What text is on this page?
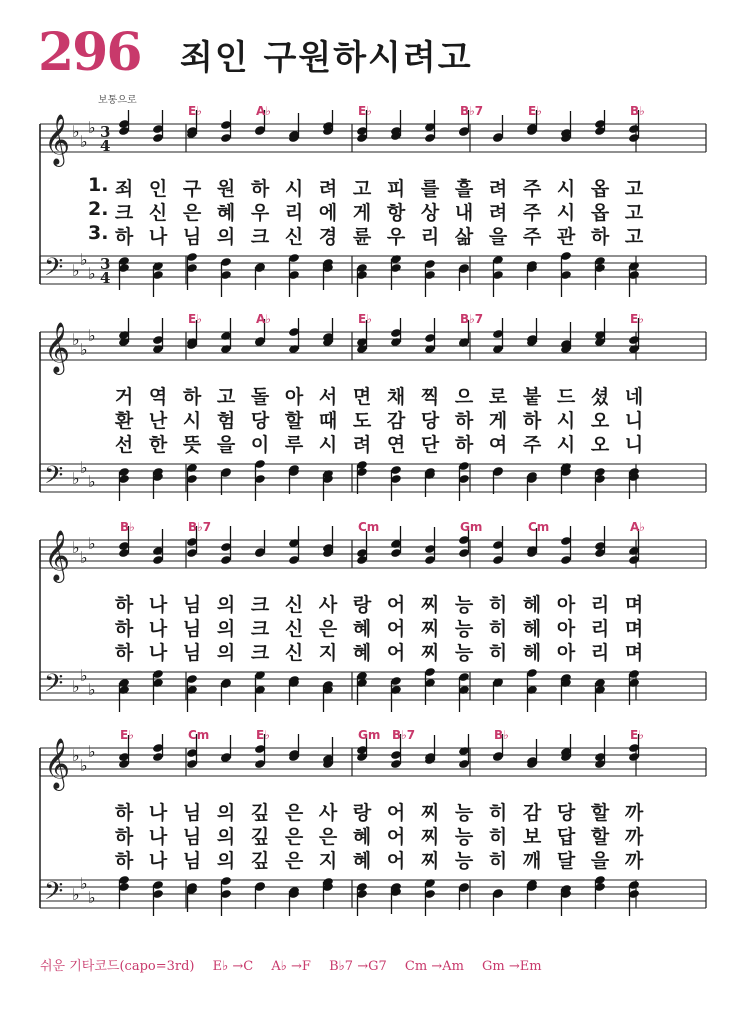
296 죄인 구원하시려고
보통으로
𝄞 ♭
♭
♭ 3
4
𝄢 ♭
♭
♭ 3
4
E♭	A♭	E♭	B♭7	E♭	B♭
1. 죄 인 구 원 하 시 려 고 피 를 흘 려 주 시 옵 고
2. 크 신 은 혜 우 리 에 게 항 상 내 려 주 시 옵 고
3. 하 나 님 의 크 신 경 륜 우 리 삶 을 주 관 하 고
𝄞 ♭
♭
♭
𝄢 ♭
♭
♭
E♭	A♭	E♭	B♭7	E♭
거 역 하 고 돌 아 서 면 채 찍 으 로 붙 드 셨 네
환 난 시 험 당 할 때 도 감 당 하 게 하 시 오 니
선 한 뜻 을 이 루 시 려 연 단 하 여 주 시 오 니
𝄞 ♭
♭
♭
𝄢 ♭
♭
♭
B♭	B♭7	Cm	Gm	Cm	A♭
하 나 님 의 크 신 사 랑 어 찌 능 히 헤 아 리 며
하 나 님 의 크 신 은 혜 어 찌 능 히 헤 아 리 며
하 나 님 의 크 신 지 혜 어 찌 능 히 헤 아 리 며
𝄞 ♭
♭
♭
𝄢 ♭
♭
♭
E♭	Cm	E♭	Gm B♭7	B♭	E♭
하 나 님 의 깊 은 사 랑 어 찌 능 히 감 당 할 까
하 나 님 의 깊 은 은 혜 어 찌 능 히 보 답 할 까
하 나 님 의 깊 은 지 혜 어 찌 능 히 깨 달 을 까
쉬운 기타코드(capo=3rd) E♭ →C A♭ →F B♭7 →G7 Cm →Am Gm →Em
